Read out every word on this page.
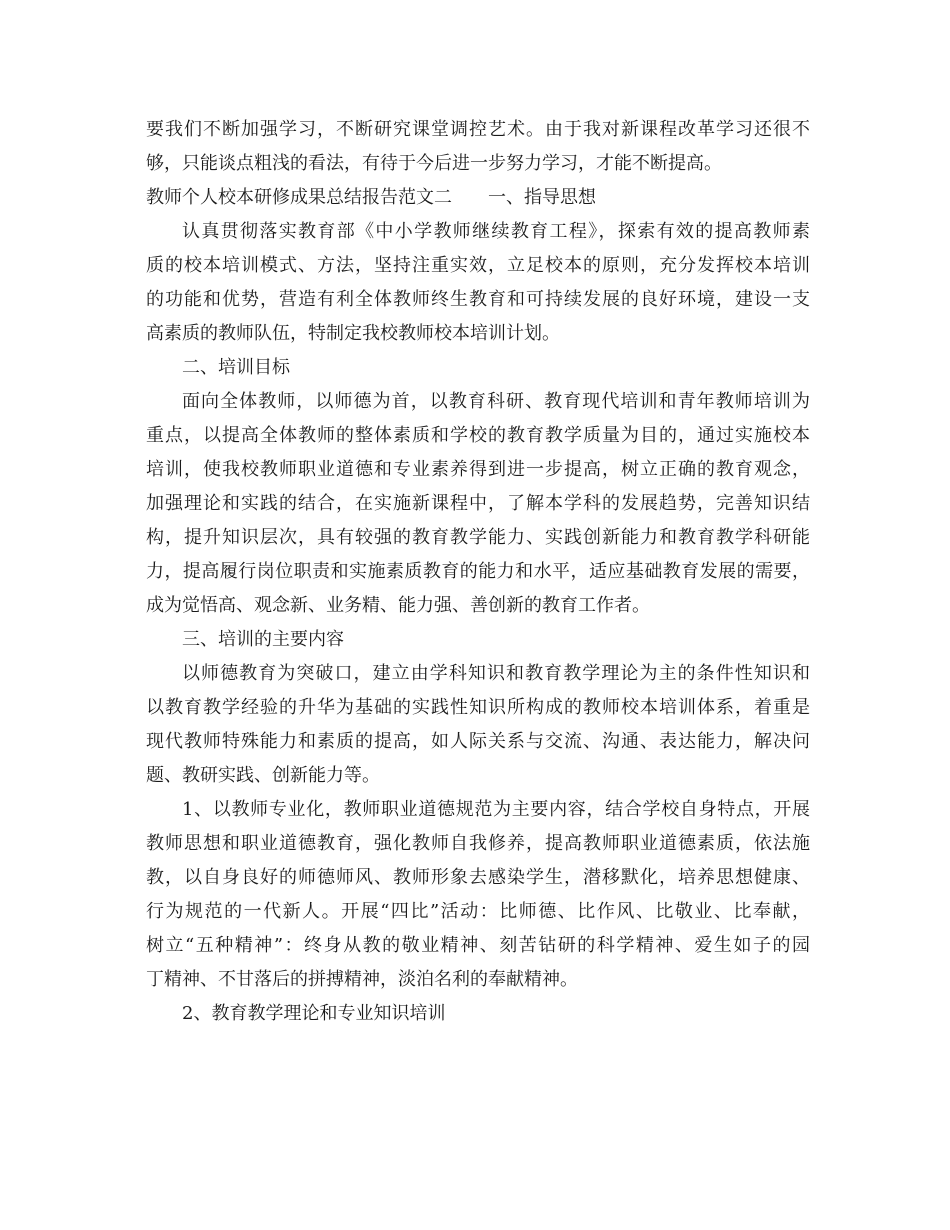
要我们不断加强学习，不断研究课堂调控艺术。由于我对新课程改革学习还很不
够，只能谈点粗浅的看法，有待于今后进一步努力学习，才能不断提高。
教师个人校本研修成果总结报告范文二　　一、指导思想
认真贯彻落实教育部《中小学教师继续教育工程》，探索有效的提高教师素
质的校本培训模式、方法，坚持注重实效，立足校本的原则，充分发挥校本培训
的功能和优势，营造有利全体教师终生教育和可持续发展的良好环境，建设一支
高素质的教师队伍，特制定我校教师校本培训计划。
二、培训目标
面向全体教师，以师德为首，以教育科研、教育现代培训和青年教师培训为
重点，以提高全体教师的整体素质和学校的教育教学质量为目的，通过实施校本
培训，使我校教师职业道德和专业素养得到进一步提高，树立正确的教育观念，
加强理论和实践的结合，在实施新课程中，了解本学科的发展趋势，完善知识结
构，提升知识层次，具有较强的教育教学能力、实践创新能力和教育教学科研能
力，提高履行岗位职责和实施素质教育的能力和水平，适应基础教育发展的需要，
成为觉悟高、观念新、业务精、能力强、善创新的教育工作者。
三、培训的主要内容
以师德教育为突破口，建立由学科知识和教育教学理论为主的条件性知识和
以教育教学经验的升华为基础的实践性知识所构成的教师校本培训体系，着重是
现代教师特殊能力和素质的提高，如人际关系与交流、沟通、表达能力，解决问
题、教研实践、创新能力等。
1、以教师专业化，教师职业道德规范为主要内容，结合学校自身特点，开展
教师思想和职业道德教育，强化教师自我修养，提高教师职业道德素质，依法施
教，以自身良好的师德师风、教师形象去感染学生，潜移默化，培养思想健康、
行为规范的一代新人。开展“四比”活动：比师德、比作风、比敬业、比奉献，
树立“五种精神”：终身从教的敬业精神、刻苦钻研的科学精神、爱生如子的园
丁精神、不甘落后的拼搏精神，淡泊名利的奉献精神。
2、教育教学理论和专业知识培训
